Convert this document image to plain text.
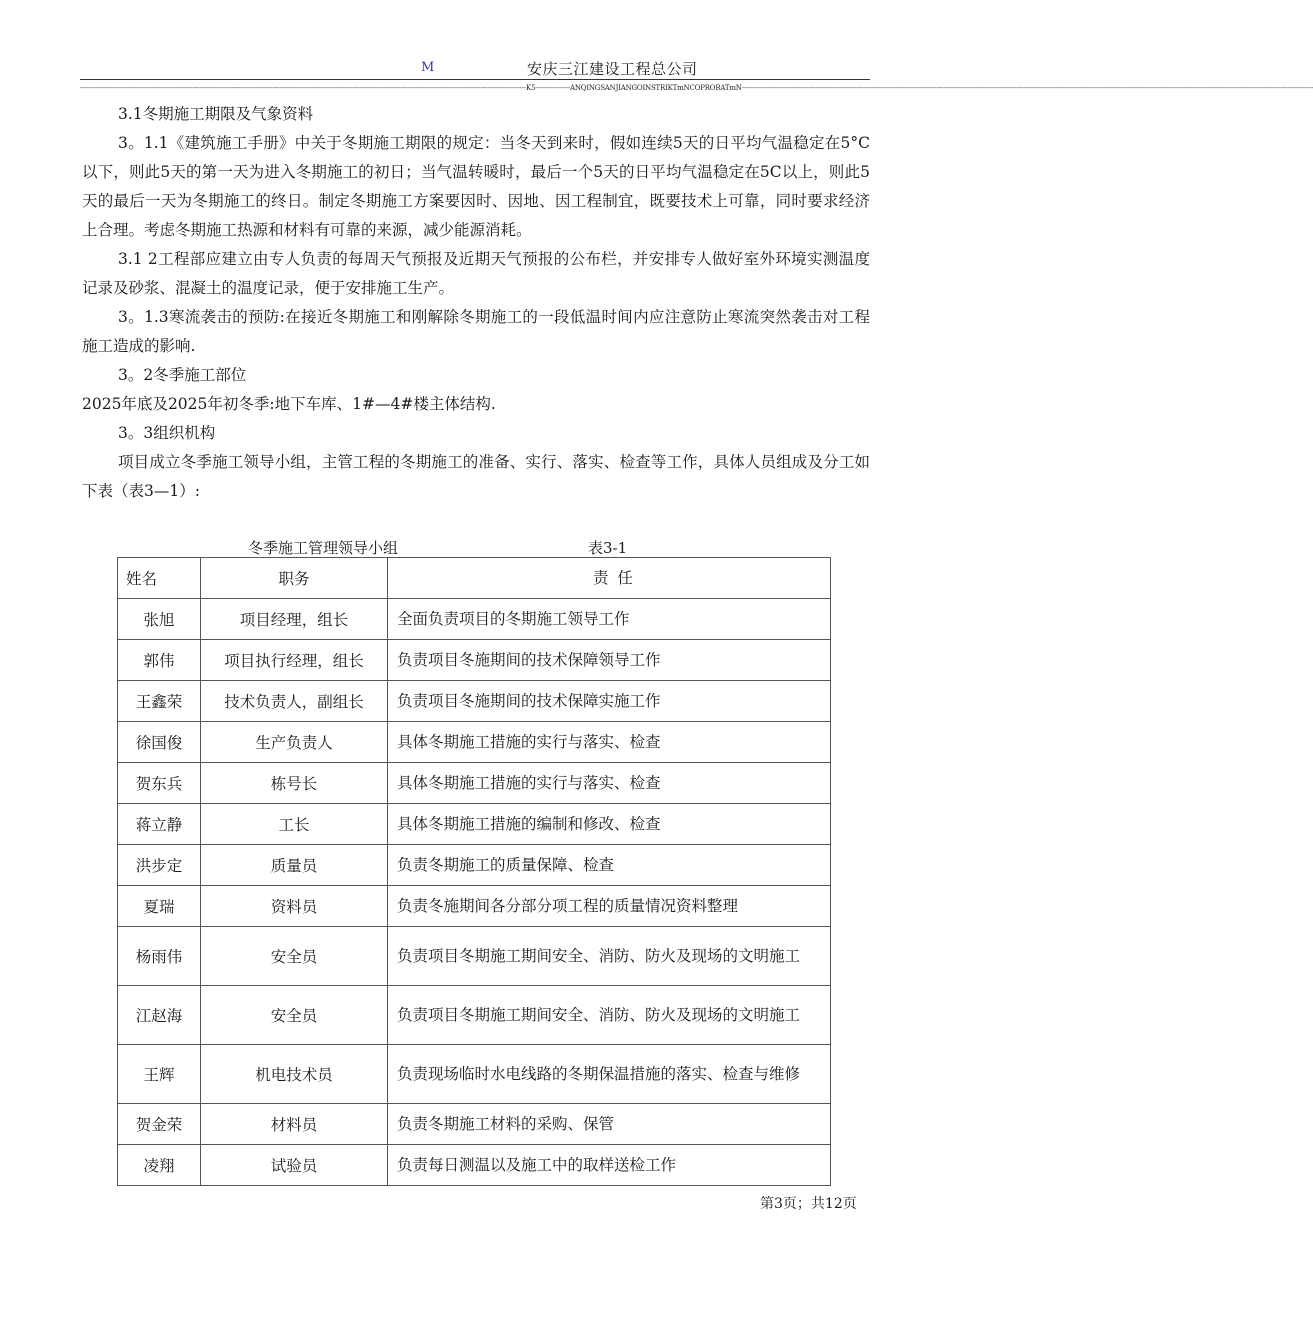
M	安庆三江建设工程总公司
--------------------------------------------------------------------------------------------------------------------------------------------------------------------------------------------------------------K5----------------ANQINGSANJIANGOINSTRIKTmNCOPRORATmN------------------------------------------------------------------------------------------------------------------------------------------------------------------------------------------------------------------------------------------------------------------------

3.1冬期施工期限及气象资料

3。1.1《建筑施工手册》中关于冬期施工期限的规定：当冬天到来时，假如连续5天的日平均气温稳定在5°C以下，则此5天的第一天为进入冬期施工的初日；当气温转暖时，最后一个5天的日平均气温稳定在5C以上，则此5天的最后一天为冬期施工的终日。制定冬期施工方案要因时、因地、因工程制宜，既要技术上可靠，同时要求经济上合理。考虑冬期施工热源和材料有可靠的来源，减少能源消耗。

3.1 2工程部应建立由专人负责的每周天气预报及近期天气预报的公布栏，并安排专人做好室外环境实测温度记录及砂浆、混凝土的温度记录，便于安排施工生产。

3。1.3寒流袭击的预防:在接近冬期施工和刚解除冬期施工的一段低温时间内应注意防止寒流突然袭击对工程施工造成的影响.

3。2冬季施工部位

2025年底及2025年初冬季:地下车库、1#—4#楼主体结构.

3。3组织机构

项目成立冬季施工领导小组，主管工程的冬期施工的准备、实行、落实、检查等工作，具体人员组成及分工如下表（表3—1）:

冬季施工管理领导小组	表3-1
姓名	职务	责 任
张旭	项目经理，组长	全面负责项目的冬期施工领导工作
郭伟	项目执行经理，组长	负责项目冬施期间的技术保障领导工作
王鑫荣	技术负责人，副组长	负责项目冬施期间的技术保障实施工作
徐国俊	生产负责人	具体冬期施工措施的实行与落实、检查
贺东兵	栋号长	具体冬期施工措施的实行与落实、检查
蒋立静	工长	具体冬期施工措施的编制和修改、检查
洪步定	质量员	负责冬期施工的质量保障、检查
夏瑞	资料员	负责冬施期间各分部分项工程的质量情况资料整理
杨雨伟	安全员	负责项目冬期施工期间安全、消防、防火及现场的文明施工
江赵海	安全员	负责项目冬期施工期间安全、消防、防火及现场的文明施工
王辉	机电技术员	负责现场临时水电线路的冬期保温措施的落实、检查与维修
贺金荣	材料员	负责冬期施工材料的采购、保管
凌翔	试验员	负责每日测温以及施工中的取样送检工作
第3页；共12页
